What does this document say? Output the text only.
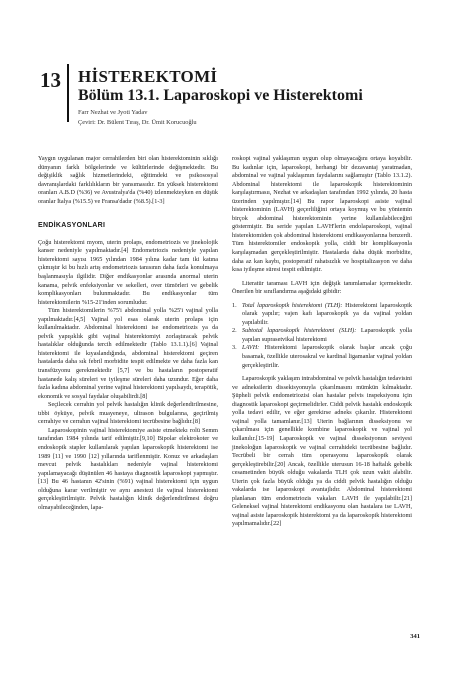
13 HİSTEREKTOMİ
Bölüm 13.1. Laparoskopi ve Histerektomi
Farr Nezhat ve Jyoti Yadav
Çeviri: Dr. Bülent Tıraş, Dr. Ümit Korucuoğlu

Yaygın uygulanan major cerrahilerden biri olan histerektominin sıklığı dünyanın farklı bölgelerinde ve kültürlerinde değişmektedir. Bu değişiklik sağlık hizmetlerindeki, eğitimdeki ve psikososyal davranışlardaki farklılıkların bir yansımasıdır. En yüksek histerektomi oranları A.B.D (%36) ve Avustralya'da (%40) izlenmekteyken en düşük oranlar İtalya (%15.5) ve Fransa'dadır (%8.5).[1-3]

ENDİKASYONLARI

Çoğu histerektomi myom, uterin prolaps, endometriozis ve jinekolojik kanser nedeniyle yapılmaktadır.[4] Endometriozis nedeniyle yapılan histerektomi sayısı 1965 yılından 1984 yılına kadar tam iki katına çıkmıştır ki bu hızlı artış endometriozis tanısının daha fazla konulmaya başlanmasıyla ilgilidir. Diğer endikasyonlar arasında anormal uterin kanama, pelvik enfeksiyonlar ve sekelleri, over tümörleri ve gebelik komplikasyonları bulunmaktadır. Bu endikasyonlar tüm histerektomilerin %15-21'inden sorumludur.

Tüm histerektomilerin %75'i abdominal yolla %25'i vajinal yolla yapılmaktadır.[4,5] Vajinal yol esas olarak uterin prolaps için kullanılmaktadır. Abdominal histerektomi ise endometriozis ya da pelvik yapışıklık gibi vajinal histerektomiyi zorlaştıracak pelvik hastalıklar olduğunda tercih edilmektedir (Tablo 13.1.1).[6] Vajinal histerektomi ile kıyaslandığında, abdominal histerektomi geçiren hastalarda daha sık febril morbidite tespit edilmekte ve daha fazla kan transfüzyonu gerekmektedir [5,7] ve bu hastaların postoperatif hastanede kalış süreleri ve iyileşme süreleri daha uzundur. Eğer daha fazla kadına abdominal yerine vajinal histerektomi yapılsaydı, terapötik, ekonomik ve sosyal faydalar oluşabilirdi.[8]

Seçilecek cerrahin yol pelvik hastalığın klinik değerlendirilmesine, tıbbi öyküye, pelvik muayeneye, ultrason bulgularına, geçirilmiş cerrahiye ve cerrahın vajinal histerektomi tecrübesine bağlıdır.[8]

Laparoskopinin vajinal histerektomiye asiste etmektekı rolü Semm tarafından 1984 yılında tarif edilmiştir.[9,10] Bipolar elektrokoter ve endoskopik stapler kullanılarak yapılan laparoskopik histerektomi ise 1989 [11] ve 1990 [12] yıllarında tariflenmiştir. Konuz ve arkadaşları mevcut pelvik hastalıkları nedeniyle vajinal histerektomi yapılamayacağı düşünülen 46 hastaya diagnostik laparoskopi yapmıştır.[13] Bu 46 hastanın 42'sinin (%91) vajinal histerektomi için uygun olduğuna karar verilmiştir ve aynı anestezi ile vajinal histerektomi gerçekleştirilmiştir. Pelvik hastalığın klinik değerlendirilmesi doğru olmayabileceğinden, lapa-

roskopi vajinal yaklaşımın uygun olup olmayacağını ortaya koyabilir. Bu kadınlar için, laparoskopi, herhangi bir dezavantaj yaratmadan, abdominal ve vajinal yaklaşımın faydalarını sağlamıştır (Tablo 13.1.2). Abdominal histerektomi ile laparoskopik histerektominin karşılaştırmasıı, Nezhat ve arkadaşları tarafından 1992 yılında, 20 hasta üzerinden yapılmıştır.[14] Bu rapor laparoskopi asiste vajinal histerektominin (LAVH) geçerliliğini ortaya koymuş ve bu yöntemin birçok abdominal histerektominin yerine kullanılabileceğini göstermiştir. Bu seride yapılan LAVH'lerin endolaparoskopi, vajinal histerektomiden çok abdominal histerektomi endikasyonlarına benzerdi. Tüm histerektomiler endoskopik yolla, ciddi bir komplikasyonla karşılaşmadan gerçekleştirilmiştir. Hastalarda daha düşük morbidite, daha az kan kaybı, postoperatif rahatsızlık ve hospitalizasyon ve daha kısa iyileşme süresi tespit edilmiştir.

Literatür taraması LAVH için değişik tanımlamalar içermektedir. Önerilen bir sınıflandırma aşağıdaki gibidir:

1. Total laparoskopik histerektomi (TLH): Histerektomi laparoskopik olarak yapılır; vajen kafı laparoskopik ya da vajinal yoldan yapılabilir.
2. Subtotal laparoskopik histerektomi (SLH): Laparoskopik yolla yapılan suprasetvikal histerektomi
3. LAVH: Histerektomi laparoskopik olarak başlar ancak çoğu basamak, özellikle uterosakral ve kardinal ligamanlar vajinal yoldan gerçekleştirilir.

Laparoskopik yaklaşım intrabdominal ve pelvik hastalığın tedavisini ve adneksilerin dissekisyonuyla çıkarılmasını mümkün kılmaktadır. Şüpheli pelvik endometriozisi olan hastalar pelvis inspeksiyonu için diagnostik laparoskopi geçirmelidirler. Ciddi pelvik hastalık endoskopik yolla tedavi edilir, ve eğer gerekirse adneks çıkarılır. Histerektomi vajinal yolla tamamlanır.[13] Uterin bağlarının disseksiyonu ve çıkarılması için genellikle kombine laparoskopik ve vajinal yol kullanılır.[15-19] Laparoskopik ve vajinal disseksiyonun seviyesi jinekoloğun laparoskopik ve vajinal cerrahideki tecrübesine bağlıdır. Tecrübeli bir cerrah tüm operasyonu laparoskopik olarak gerçekleştirebilir.[20] Ancak, özellikle uterusun 16-18 haftalık gebelik cesametinden büyük olduğu vakalarda TLH çok uzun vakit alabilir. Uterin çok fazla büyük olduğu ya da ciddi pelvik hastalığın olduğu vakalarda ise laparoskopi avantajlıdır. Abdominal histerektomi planlanan tüm endometriozis vakaları LAVH ile yapılabilir.[21] Geleneksel vajinal histerektomi endikasyonu olan hastalara ise LAVH, vajinal asiste laparoskopik histerektomi ya da laparoskopik histerektomi yapılmamalıdır.[22]

341
